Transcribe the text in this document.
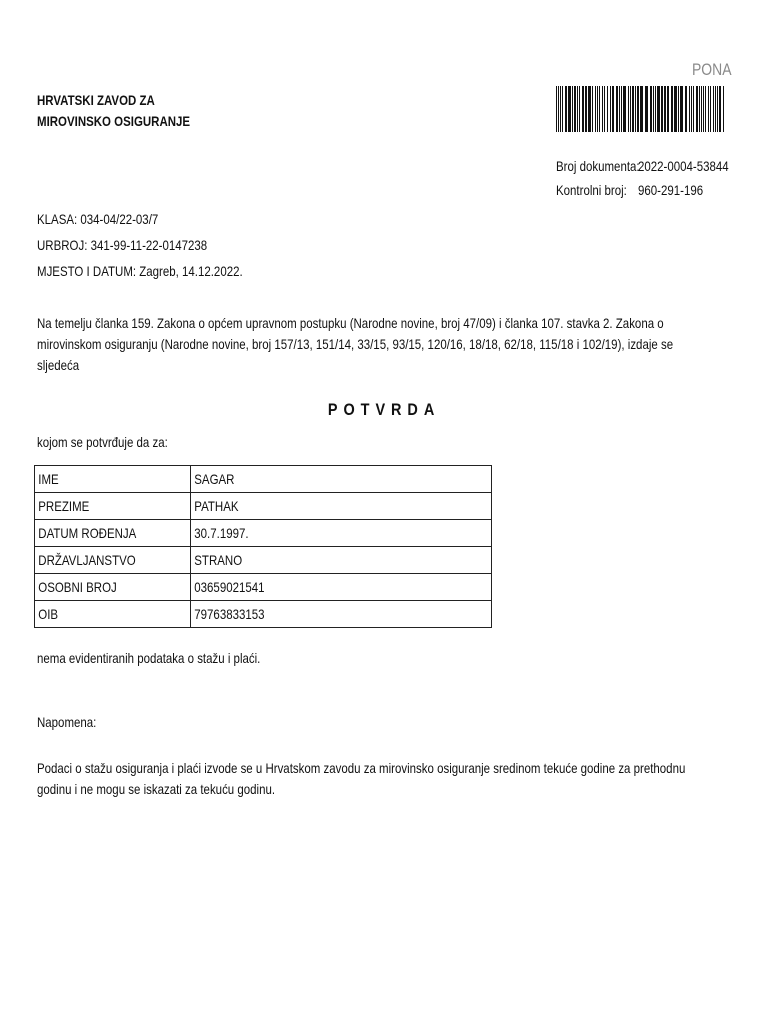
HRVATSKI ZAVOD ZA
MIROVINSKO OSIGURANJE
PONA
Broj dokumenta:
2022-0004-53844
Kontrolni broj: 960-291-196
KLASA: 034-04/22-03/7
URBROJ: 341-99-11-22-0147238
MJESTO I DATUM: Zagreb, 14.12.2022.
Na temelju članka 159. Zakona o općem upravnom postupku (Narodne novine, broj 47/09) i članka 107. stavka 2. Zakona o mirovinskom osiguranju (Narodne novine, broj 157/13, 151/14, 33/15, 93/15, 120/16, 18/18, 62/18, 115/18 i 102/19), izdaje se sljedeća
POTVRDA
kojom se potvrđuje da za:
IME	SAGAR
PREZIME	PATHAK
DATUM ROĐENJA	30.7.1997.
DRŽAVLJANSTVO	STRANO
OSOBNI BROJ	03659021541
OIB	79763833153
nema evidentiranih podataka o stažu i plaći.
Napomena:
Podaci o stažu osiguranja i plaći izvode se u Hrvatskom zavodu za mirovinsko osiguranje sredinom tekuće godine za prethodnu godinu i ne mogu se iskazati za tekuću godinu.
